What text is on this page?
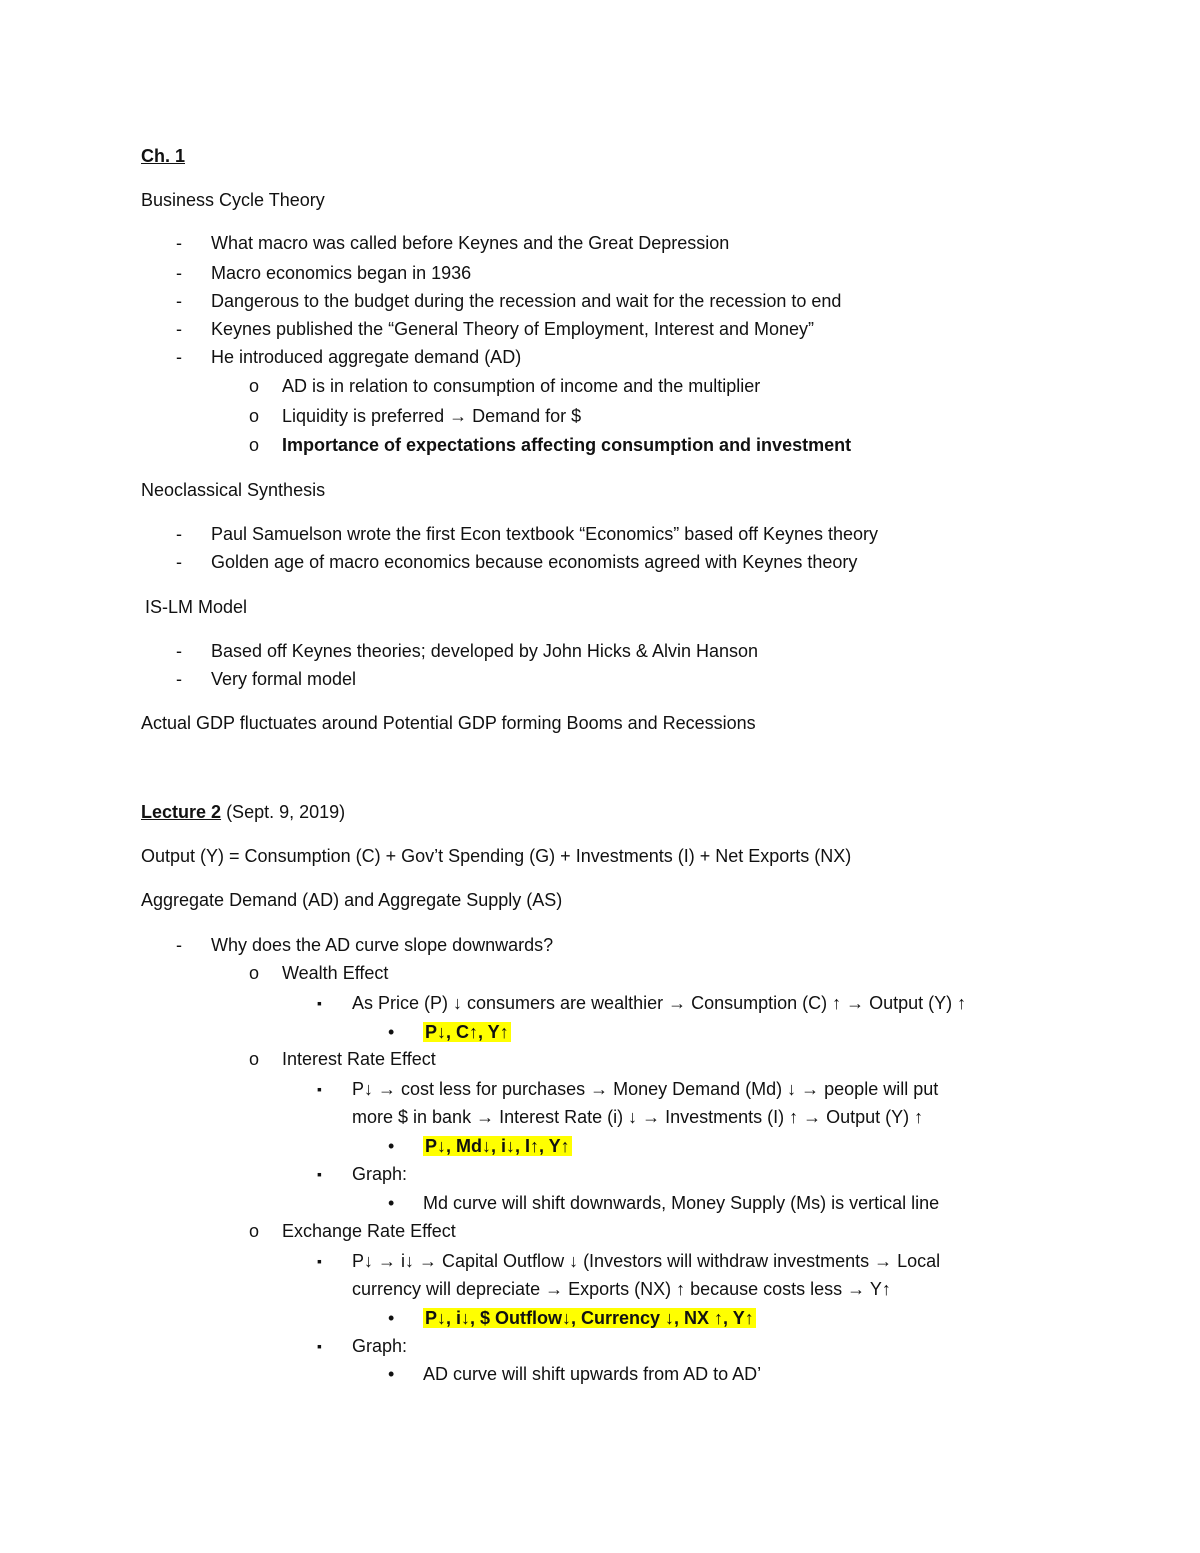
Ch. 1
Business Cycle Theory
- What macro was called before Keynes and the Great Depression
- Macro economics began in 1936
- Dangerous to the budget during the recession and wait for the recession to end
- Keynes published the “General Theory of Employment, Interest and Money”
- He introduced aggregate demand (AD)
o AD is in relation to consumption of income and the multiplier
o Liquidity is preferred → Demand for $
o Importance of expectations affecting consumption and investment
Neoclassical Synthesis
- Paul Samuelson wrote the first Econ textbook “Economics” based off Keynes theory
- Golden age of macro economics because economists agreed with Keynes theory
IS-LM Model
- Based off Keynes theories; developed by John Hicks & Alvin Hanson
- Very formal model
Actual GDP fluctuates around Potential GDP forming Booms and Recessions
Lecture 2 (Sept. 9, 2019)
Output (Y) = Consumption (C) + Gov’t Spending (G) + Investments (I) + Net Exports (NX)
Aggregate Demand (AD) and Aggregate Supply (AS)
- Why does the AD curve slope downwards?
o Wealth Effect
▪ As Price (P) ↓ consumers are wealthier → Consumption (C) ↑ → Output (Y) ↑
• P↓, C↑, Y↑
o Interest Rate Effect
▪ P↓ → cost less for purchases → Money Demand (Md) ↓ → people will put
more $ in bank → Interest Rate (i) ↓ → Investments (I) ↑ → Output (Y) ↑
• P↓, Md↓, i↓, I↑, Y↑
▪ Graph:
• Md curve will shift downwards, Money Supply (Ms) is vertical line
o Exchange Rate Effect
▪ P↓ → i↓ → Capital Outflow ↓ (Investors will withdraw investments → Local
currency will depreciate → Exports (NX) ↑ because costs less → Y↑
• P↓, i↓, $ Outflow↓, Currency ↓, NX ↑, Y↑
▪ Graph:
• AD curve will shift upwards from AD to AD’
